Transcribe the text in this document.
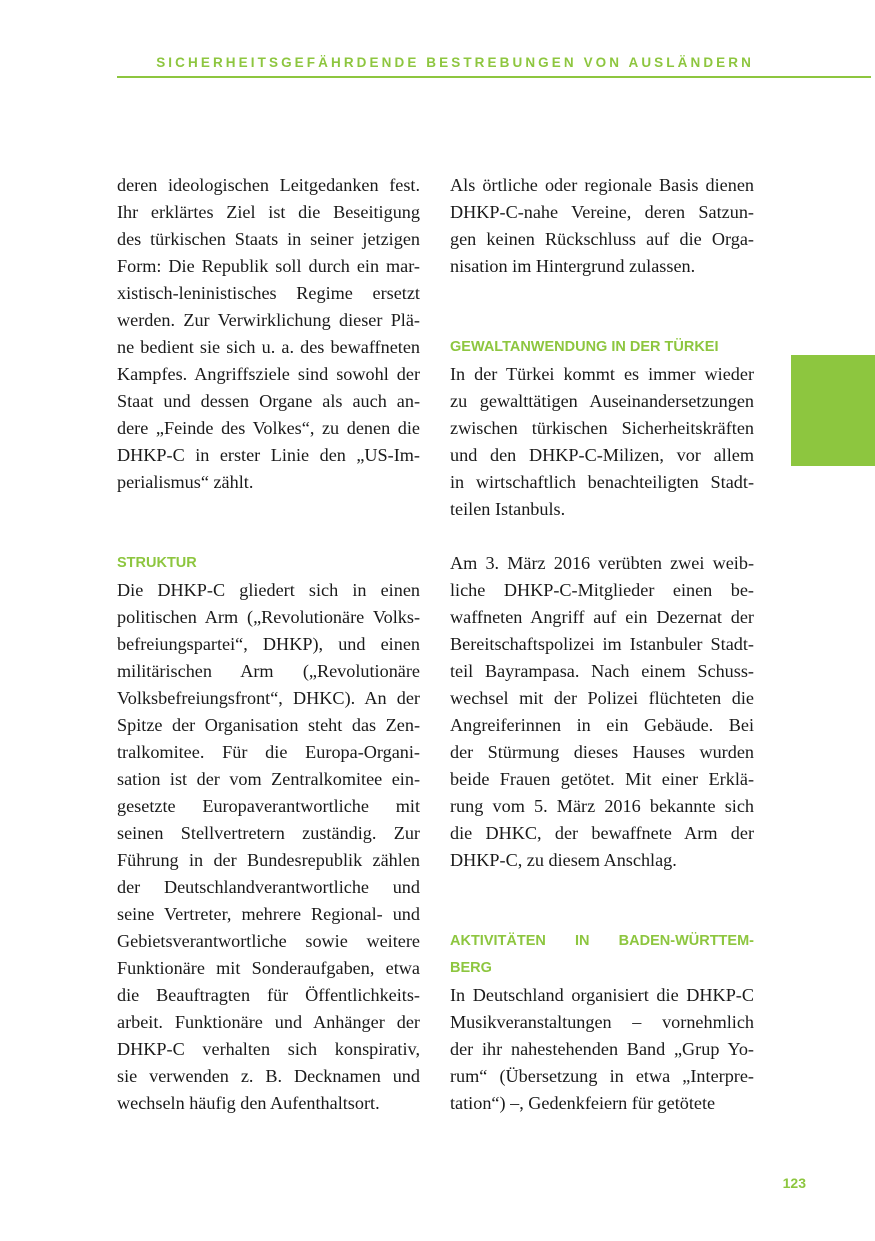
SICHERHEITSGEFÄHRDENDE BESTREBUNGEN VON AUSLÄNDERN
deren ideologischen Leitgedanken fest.
Ihr erklärtes Ziel ist die Beseitigung
des türkischen Staats in seiner jetzigen
Form: Die Republik soll durch ein mar-
xistisch-leninistisches Regime ersetzt
werden. Zur Verwirklichung dieser Plä-
ne bedient sie sich u. a. des bewaffneten
Kampfes. Angriffsziele sind sowohl der
Staat und dessen Organe als auch an-
dere „Feinde des Volkes“, zu denen die
DHKP-C in erster Linie den „US-Im-
perialismus“ zählt.
STRUKTUR
Die DHKP-C gliedert sich in einen
politischen Arm („Revolutionäre Volks-
befreiungspartei“, DHKP), und einen
militärischen Arm („Revolutionäre
Volksbefreiungsfront“, DHKC). An der
Spitze der Organisation steht das Zen-
tralkomitee. Für die Europa-Organi-
sation ist der vom Zentralkomitee ein-
gesetzte Europaverantwortliche mit
seinen Stellvertretern zuständig. Zur
Führung in der Bundesrepublik zählen
der Deutschlandverantwortliche und
seine Vertreter, mehrere Regional- und
Gebietsverantwortliche sowie weitere
Funktionäre mit Sonderaufgaben, etwa
die Beauftragten für Öffentlichkeits-
arbeit. Funktionäre und Anhänger der
DHKP-C verhalten sich konspirativ,
sie verwenden z. B. Decknamen und
wechseln häufig den Aufenthaltsort.
Als örtliche oder regionale Basis dienen
DHKP-C-nahe Vereine, deren Satzun-
gen keinen Rückschluss auf die Orga-
nisation im Hintergrund zulassen.
GEWALTANWENDUNG IN DER TÜRKEI
In der Türkei kommt es immer wieder
zu gewalttätigen Auseinandersetzungen
zwischen türkischen Sicherheitskräften
und den DHKP-C-Milizen, vor allem
in wirtschaftlich benachteiligten Stadt-
teilen Istanbuls.
Am 3. März 2016 verübten zwei weib-
liche DHKP-C-Mitglieder einen be-
waffneten Angriff auf ein Dezernat der
Bereitschaftspolizei im Istanbuler Stadt-
teil Bayrampasa. Nach einem Schuss-
wechsel mit der Polizei flüchteten die
Angreiferinnen in ein Gebäude. Bei
der Stürmung dieses Hauses wurden
beide Frauen getötet. Mit einer Erklä-
rung vom 5. März 2016 bekannte sich
die DHKC, der bewaffnete Arm der
DHKP-C, zu diesem Anschlag.
AKTIVITÄTEN IN BADEN-WÜRTTEM-
BERG
In Deutschland organisiert die DHKP-C
Musikveranstaltungen – vornehmlich
der ihr nahestehenden Band „Grup Yo-
rum“ (Übersetzung in etwa „Interpre-
tation“) –, Gedenkfeiern für getötete
123
